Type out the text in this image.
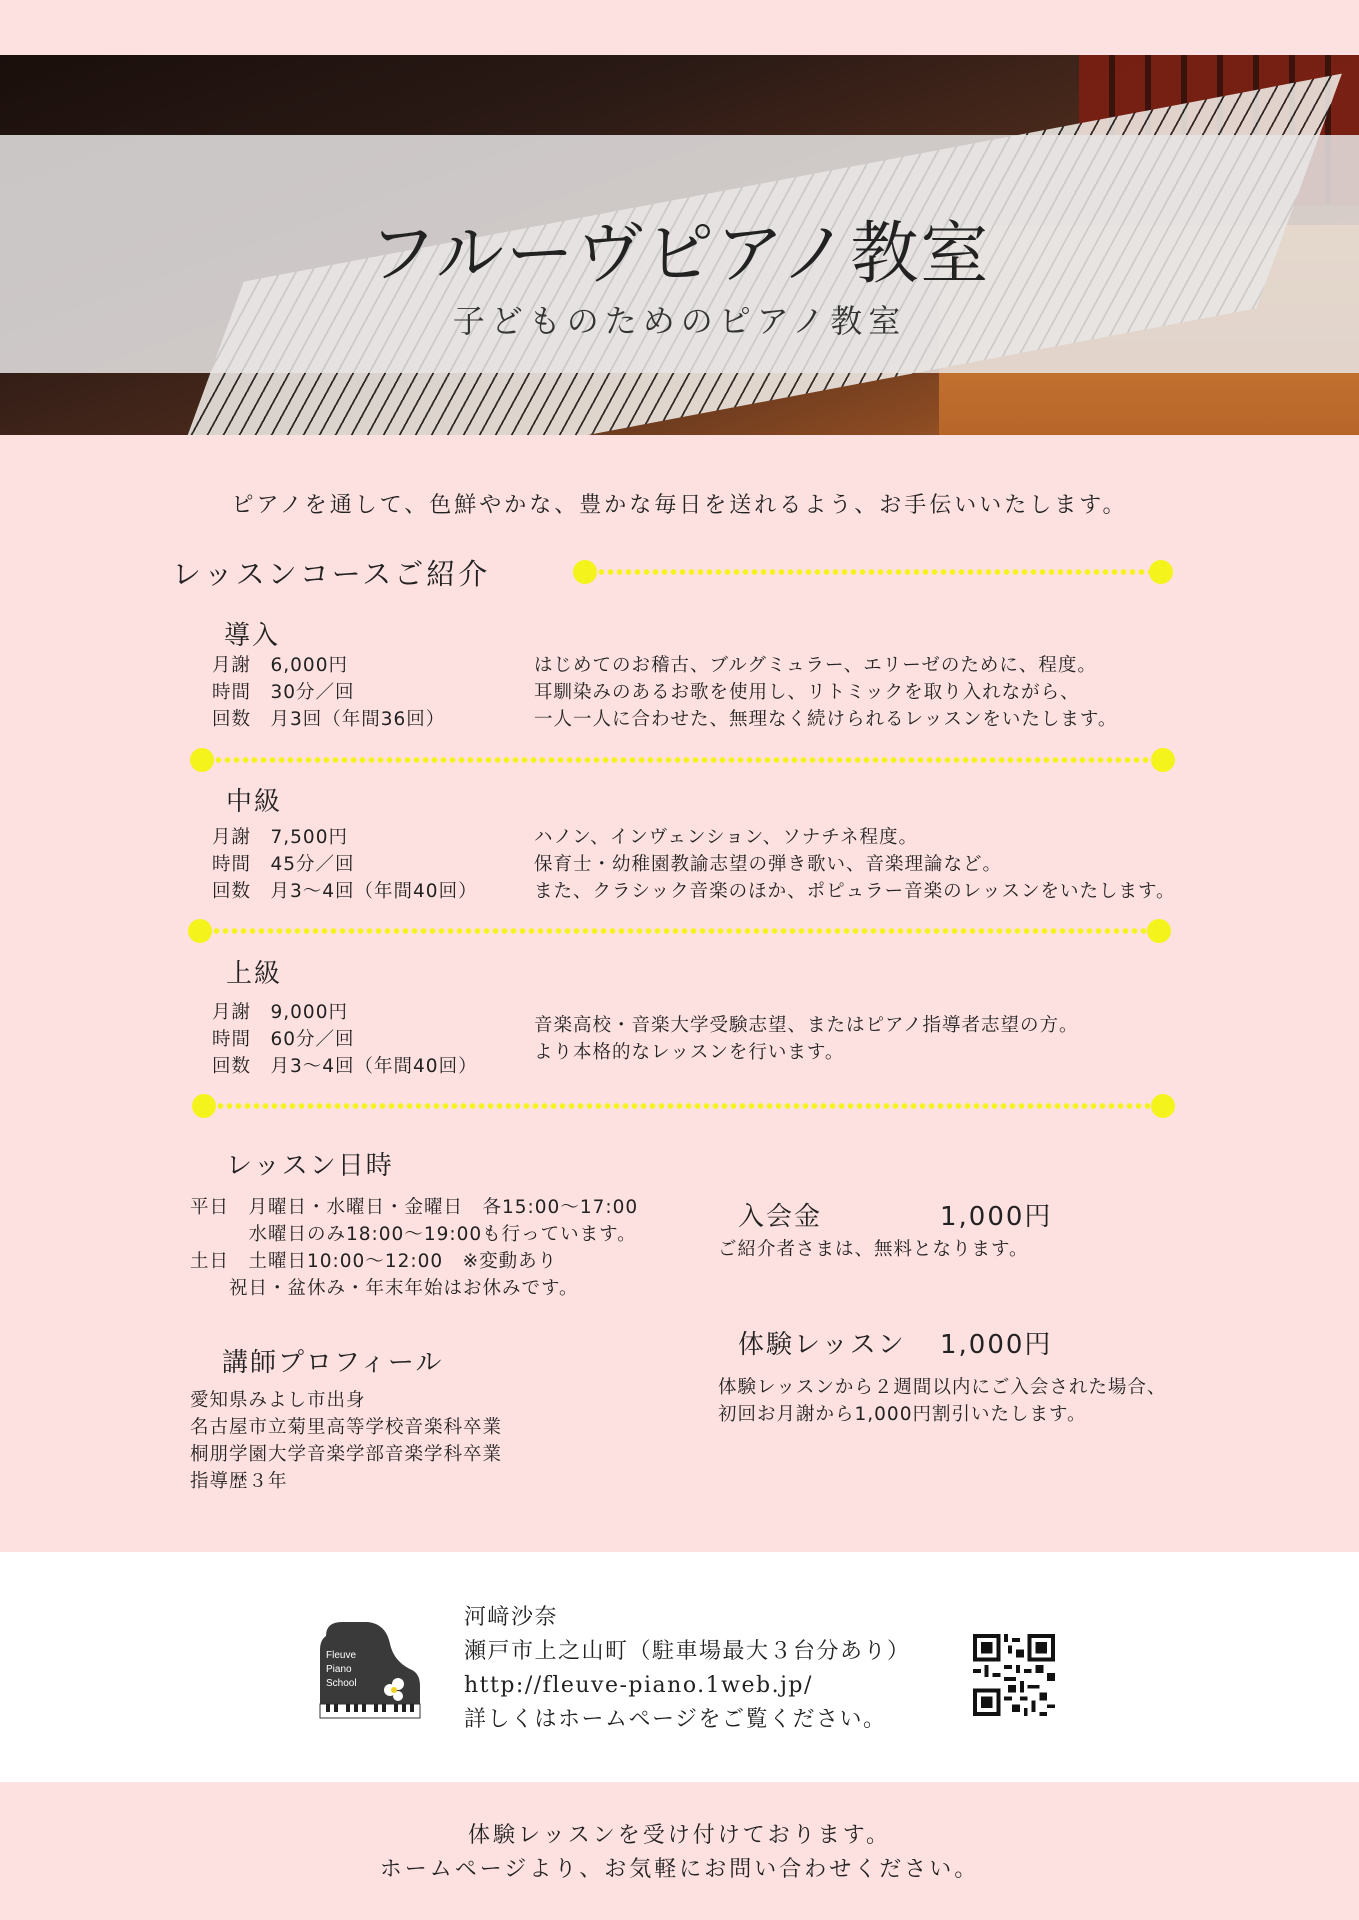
フルーヴピアノ教室
子どものためのピアノ教室
ピアノを通して、色鮮やかな、豊かな毎日を送れるよう、お手伝いいたします。
レッスンコースご紹介
導入
月謝　6,000円
時間　30分／回
回数　月3回（年間36回）
はじめてのお稽古、ブルグミュラー、エリーゼのために、程度。
耳馴染みのあるお歌を使用し、リトミックを取り入れながら、
一人一人に合わせた、無理なく続けられるレッスンをいたします。
中級
月謝　7,500円
時間　45分／回
回数　月3～4回（年間40回）
ハノン、インヴェンション、ソナチネ程度。
保育士・幼稚園教諭志望の弾き歌い、音楽理論など。
また、クラシック音楽のほか、ポピュラー音楽のレッスンをいたします。
上級
月謝　9,000円
時間　60分／回
回数　月3～4回（年間40回）
音楽高校・音楽大学受験志望、またはピアノ指導者志望の方。
より本格的なレッスンを行います。
レッスン日時
平日　月曜日・水曜日・金曜日　各15:00～17:00
　　　水曜日のみ18:00～19:00も行っています。
土日　土曜日10:00～12:00　※変動あり
　　祝日・盆休み・年末年始はお休みです。
講師プロフィール
愛知県みよし市出身
名古屋市立菊里高等学校音楽科卒業
桐朋学園大学音楽学部音楽学科卒業
指導歴３年
入会金	1,000円
ご紹介者さまは、無料となります。
体験レッスン 1,000円
体験レッスンから２週間以内にご入会された場合、
初回お月謝から1,000円割引いたします。
Fleuve
Piano
School
河﨑沙奈
瀬戸市上之山町（駐車場最大３台分あり）
http://fleuve-piano.1web.jp/
詳しくはホームページをご覧ください。
体験レッスンを受け付けております。
ホームページより、お気軽にお問い合わせください。
